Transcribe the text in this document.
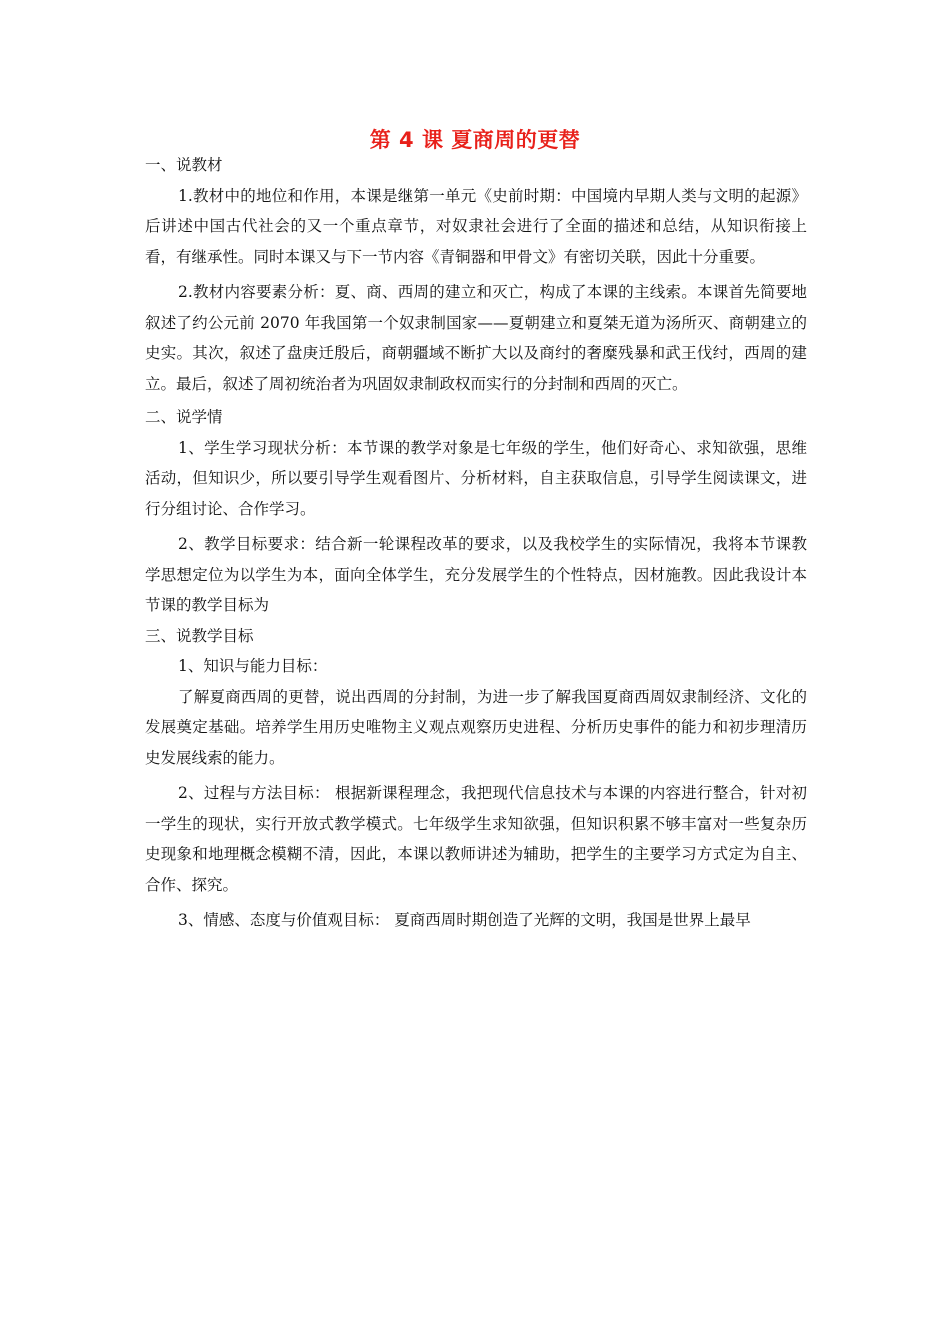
第 4 课 夏商周的更替

一、说教材

1.教材中的地位和作用，本课是继第一单元《史前时期：中国境内早期人类与文明的起源》后讲述中国古代社会的又一个重点章节，对奴隶社会进行了全面的描述和总结，从知识衔接上看，有继承性。同时本课又与下一节内容《青铜器和甲骨文》有密切关联，因此十分重要。

2.教材内容要素分析：夏、商、西周的建立和灭亡，构成了本课的主线索。本课首先简要地叙述了约公元前 2070 年我国第一个奴隶制国家——夏朝建立和夏桀无道为汤所灭、商朝建立的史实。其次，叙述了盘庚迁殷后，商朝疆域不断扩大以及商纣的奢糜残暴和武王伐纣，西周的建立。最后，叙述了周初统治者为巩固奴隶制政权而实行的分封制和西周的灭亡。

二、说学情

1、学生学习现状分析：本节课的教学对象是七年级的学生，他们好奇心、求知欲强，思维活动，但知识少，所以要引导学生观看图片、分析材料，自主获取信息，引导学生阅读课文，进行分组讨论、合作学习。

2、教学目标要求：结合新一轮课程改革的要求，以及我校学生的实际情况，我将本节课教学思想定位为以学生为本，面向全体学生，充分发展学生的个性特点，因材施教。因此我设计本节课的教学目标为

三、说教学目标

1、知识与能力目标：

了解夏商西周的更替，说出西周的分封制，为进一步了解我国夏商西周奴隶制经济、文化的发展奠定基础。培养学生用历史唯物主义观点观察历史进程、分析历史事件的能力和初步理清历史发展线索的能力。

2、过程与方法目标： 根据新课程理念，我把现代信息技术与本课的内容进行整合，针对初一学生的现状，实行开放式教学模式。七年级学生求知欲强，但知识积累不够丰富对一些复杂历史现象和地理概念模糊不清，因此，本课以教师讲述为辅助，把学生的主要学习方式定为自主、合作、探究。

3、情感、态度与价值观目标： 夏商西周时期创造了光辉的文明，我国是世界上最早
